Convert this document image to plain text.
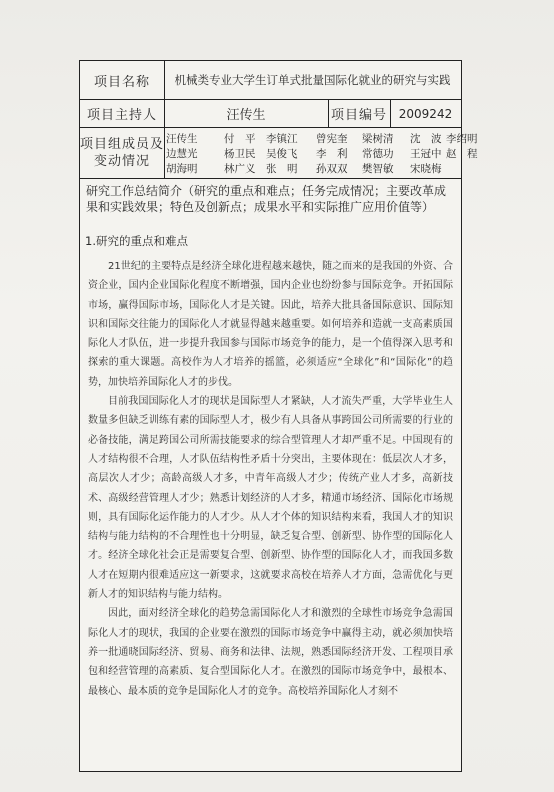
项目名称	机械类专业大学生订单式批量国际化就业的研究与实践
项目主持人	汪传生	项目编号 2009242
项目组成员及
变动情况
汪传生	付　平	李镇江	曾宪奎	梁树清	沈　波 李绍明
边慧光	杨卫民	吴俊飞	李　利	常德功	王冠中 赵　程
胡海明	林广义	张　明	孙双双	樊智敏	宋晓梅
研究工作总结简介（研究的重点和难点；任务完成情况；主要改革成果和实践效果；特色及创新点；成果水平和实际推广应用价值等）
1.研究的重点和难点

21世纪的主要特点是经济全球化进程越来越快，随之而来的是我国的外资、合资企业，国内企业国际化程度不断增强，国内企业也纷纷参与国际竞争。开拓国际市场，赢得国际市场，国际化人才是关键。因此，培养大批具备国际意识、国际知识和国际交往能力的国际化人才就显得越来越重要。如何培养和造就一支高素质国际化人才队伍，进一步提升我国参与国际市场竞争的能力，是一个值得深入思考和探索的重大课题。高校作为人才培养的摇篮，必须适应“全球化”和“国际化”的趋势，加快培养国际化人才的步伐。

目前我国国际化人才的现状是国际型人才紧缺，人才流失严重，大学毕业生人数量多但缺乏训练有素的国际型人才，极少有人具备从事跨国公司所需要的行业的必备技能，满足跨国公司所需技能要求的综合型管理人才却严重不足。中国现有的人才结构很不合理，人才队伍结构性矛盾十分突出，主要体现在：低层次人才多，高层次人才少；高龄高级人才多，中青年高级人才少；传统产业人才多，高新技术、高级经营管理人才少；熟悉计划经济的人才多，精通市场经济、国际化市场规则，具有国际化运作能力的人才少。从人才个体的知识结构来看，我国人才的知识结构与能力结构的不合理性也十分明显，缺乏复合型、创新型、协作型的国际化人才。经济全球化社会正是需要复合型、创新型、协作型的国际化人才，而我国多数人才在短期内很难适应这一新要求，这就要求高校在培养人才方面，急需优化与更新人才的知识结构与能力结构。

因此，面对经济全球化的趋势急需国际化人才和激烈的全球性市场竞争急需国际化人才的现状，我国的企业要在激烈的国际市场竞争中赢得主动，就必须加快培养一批通晓国际经济、贸易、商务和法律、法规，熟悉国际经济开发、工程项目承包和经营管理的高素质、复合型国际化人才。在激烈的国际市场竞争中，最根本、最核心、最本质的竞争是国际化人才的竞争。高校培养国际化人才刻不
